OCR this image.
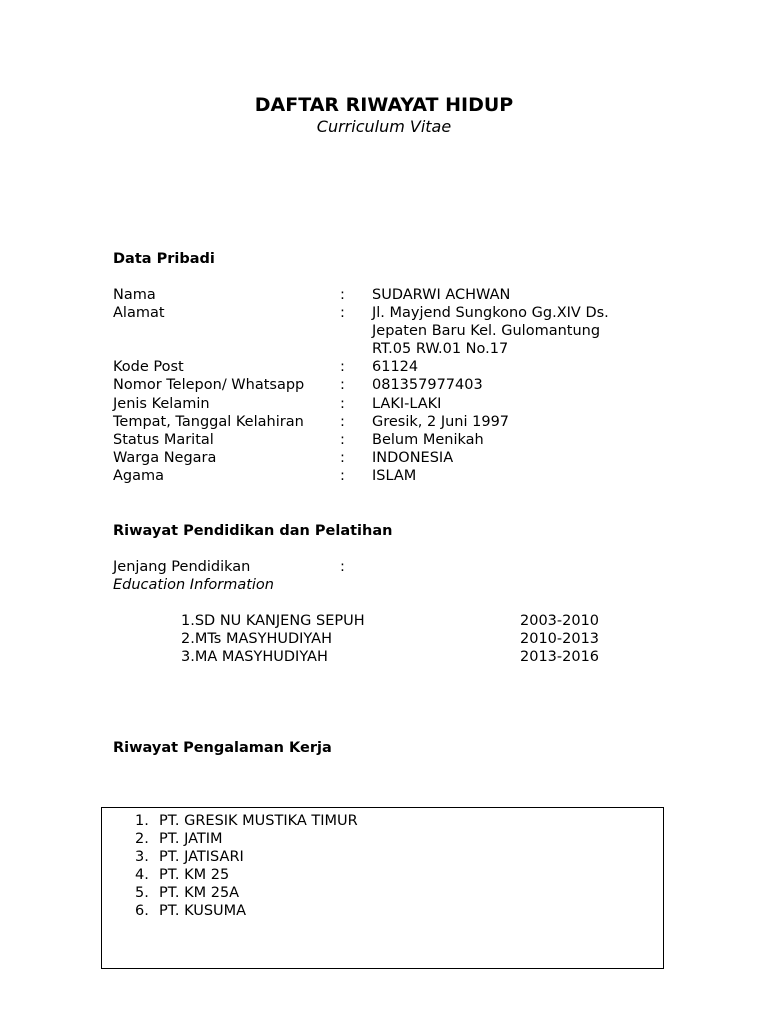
DAFTAR RIWAYAT HIDUP
Curriculum Vitae
Data Pribadi
Nama	:	SUDARWI ACHWAN
Alamat	:	Jl. Mayjend Sungkono Gg.XIV Ds.
Jepaten Baru Kel. Gulomantung
RT.05 RW.01 No.17
Kode Post	:	61124
Nomor Telepon/ Whatsapp	:	081357977403
Jenis Kelamin	:	LAKI-LAKI
Tempat, Tanggal Kelahiran	:	Gresik, 2 Juni 1997
Status Marital	:	Belum Menikah
Warga Negara	:	INDONESIA
Agama	:	ISLAM
Riwayat Pendidikan dan Pelatihan
Jenjang Pendidikan	:
Education Information
1.SD NU KANJENG SEPUH	2003-2010
2.MTs MASYHUDIYAH	2010-2013
3.MA MASYHUDIYAH	2013-2016
Riwayat Pengalaman Kerja
1. PT. GRESIK MUSTIKA TIMUR
2. PT. JATIM
3. PT. JATISARI
4. PT. KM 25
5. PT. KM 25A
6. PT. KUSUMA
